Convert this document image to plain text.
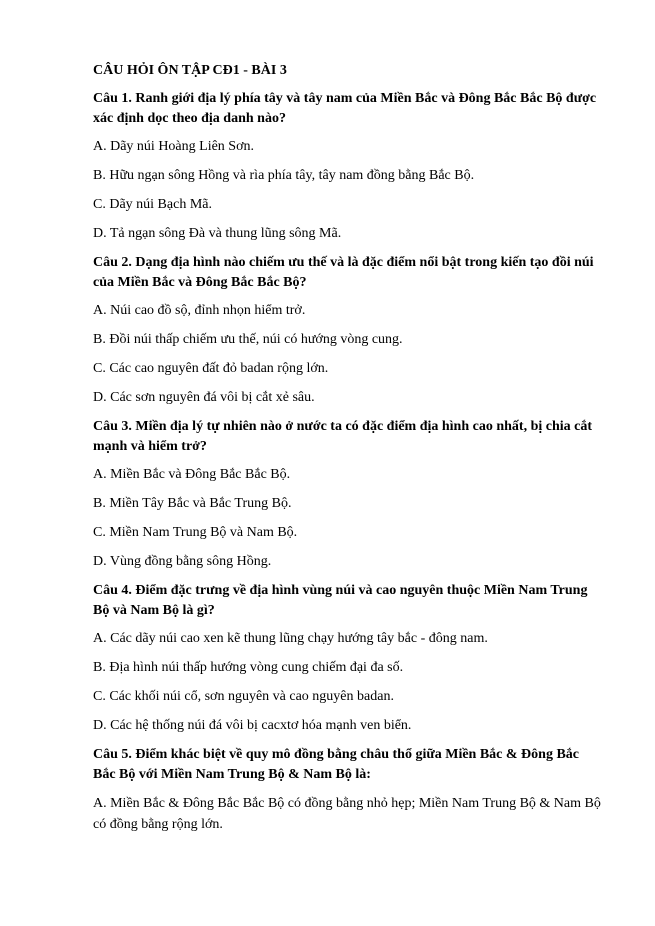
CÂU HỎI ÔN TẬP CĐ1 - BÀI 3
Câu 1. Ranh giới địa lý phía tây và tây nam của Miền Bắc và Đông Bắc Bắc Bộ được xác định dọc theo địa danh nào?
A. Dãy núi Hoàng Liên Sơn.
B. Hữu ngạn sông Hồng và rìa phía tây, tây nam đồng bằng Bắc Bộ.
C. Dãy núi Bạch Mã.
D. Tả ngạn sông Đà và thung lũng sông Mã.
Câu 2. Dạng địa hình nào chiếm ưu thế và là đặc điểm nổi bật trong kiến tạo đồi núi của Miền Bắc và Đông Bắc Bắc Bộ?
A. Núi cao đồ sộ, đỉnh nhọn hiểm trở.
B. Đồi núi thấp chiếm ưu thế, núi có hướng vòng cung.
C. Các cao nguyên đất đỏ badan rộng lớn.
D. Các sơn nguyên đá vôi bị cắt xẻ sâu.
Câu 3. Miền địa lý tự nhiên nào ở nước ta có đặc điểm địa hình cao nhất, bị chia cắt mạnh và hiểm trở?
A. Miền Bắc và Đông Bắc Bắc Bộ.
B. Miền Tây Bắc và Bắc Trung Bộ.
C. Miền Nam Trung Bộ và Nam Bộ.
D. Vùng đồng bằng sông Hồng.
Câu 4. Điểm đặc trưng về địa hình vùng núi và cao nguyên thuộc Miền Nam Trung Bộ và Nam Bộ là gì?
A. Các dãy núi cao xen kẽ thung lũng chạy hướng tây bắc - đông nam.
B. Địa hình núi thấp hướng vòng cung chiếm đại đa số.
C. Các khối núi cổ, sơn nguyên và cao nguyên badan.
D. Các hệ thống núi đá vôi bị cacxtơ hóa mạnh ven biển.
Câu 5. Điểm khác biệt về quy mô đồng bằng châu thổ giữa Miền Bắc & Đông Bắc Bắc Bộ với Miền Nam Trung Bộ & Nam Bộ là:
A. Miền Bắc & Đông Bắc Bắc Bộ có đồng bằng nhỏ hẹp; Miền Nam Trung Bộ & Nam Bộ có đồng bằng rộng lớn.
